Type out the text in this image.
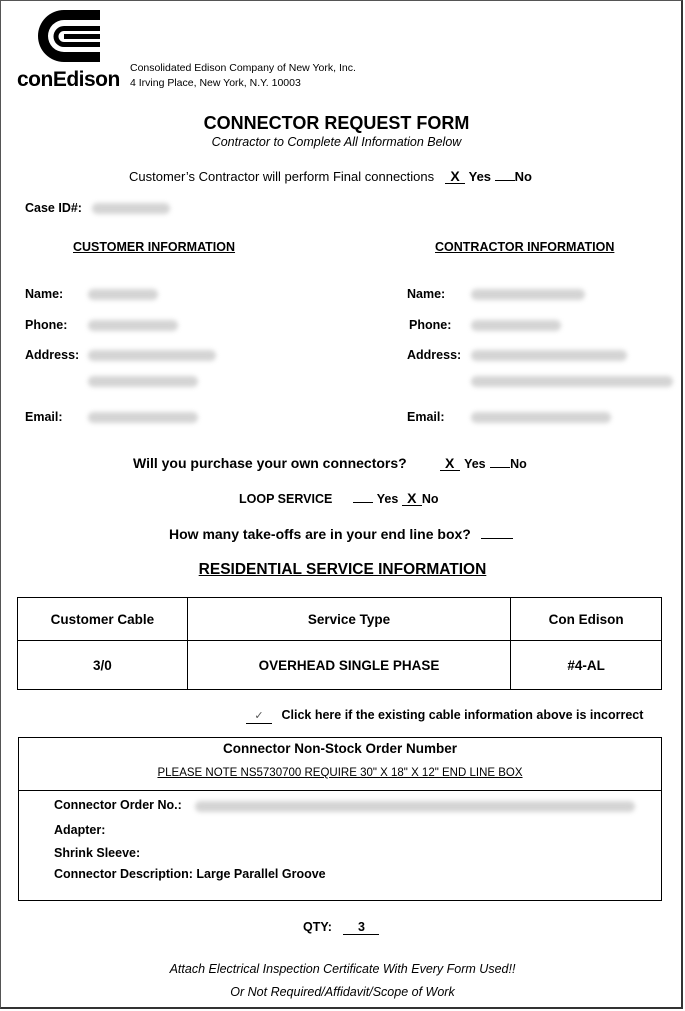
conEdison Consolidated Edison Company of New York, Inc.
4 Irving Place, New York, N.Y. 10003
CONNECTOR REQUEST FORM
Contractor to Complete All Information Below
Customer’s Contractor will perform Final connections X Yes No
Case ID#:
CUSTOMER INFORMATION	CONTRACTOR INFORMATION
Name:
Phone:
Address:
Email:
Name:
Phone:
Address:
Email:
Will you purchase your own connectors?	X Yes No
LOOP SERVICE	Yes X No
How many take-offs are in your end line box?
RESIDENTIAL SERVICE INFORMATION
Customer Cable	Service Type	Con Edison
3/0	OVERHEAD SINGLE PHASE	#4-AL
✓ Click here if the existing cable information above is incorrect
Connector Non-Stock Order Number
PLEASE NOTE NS5730700 REQUIRE 30" X 18" X 12" END LINE BOX
Connector Order No.:
Adapter:
Shrink Sleeve:
Connector Description: Large Parallel Groove
QTY: 3
Attach Electrical Inspection Certificate With Every Form Used!!
Or Not Required/Affidavit/Scope of Work
